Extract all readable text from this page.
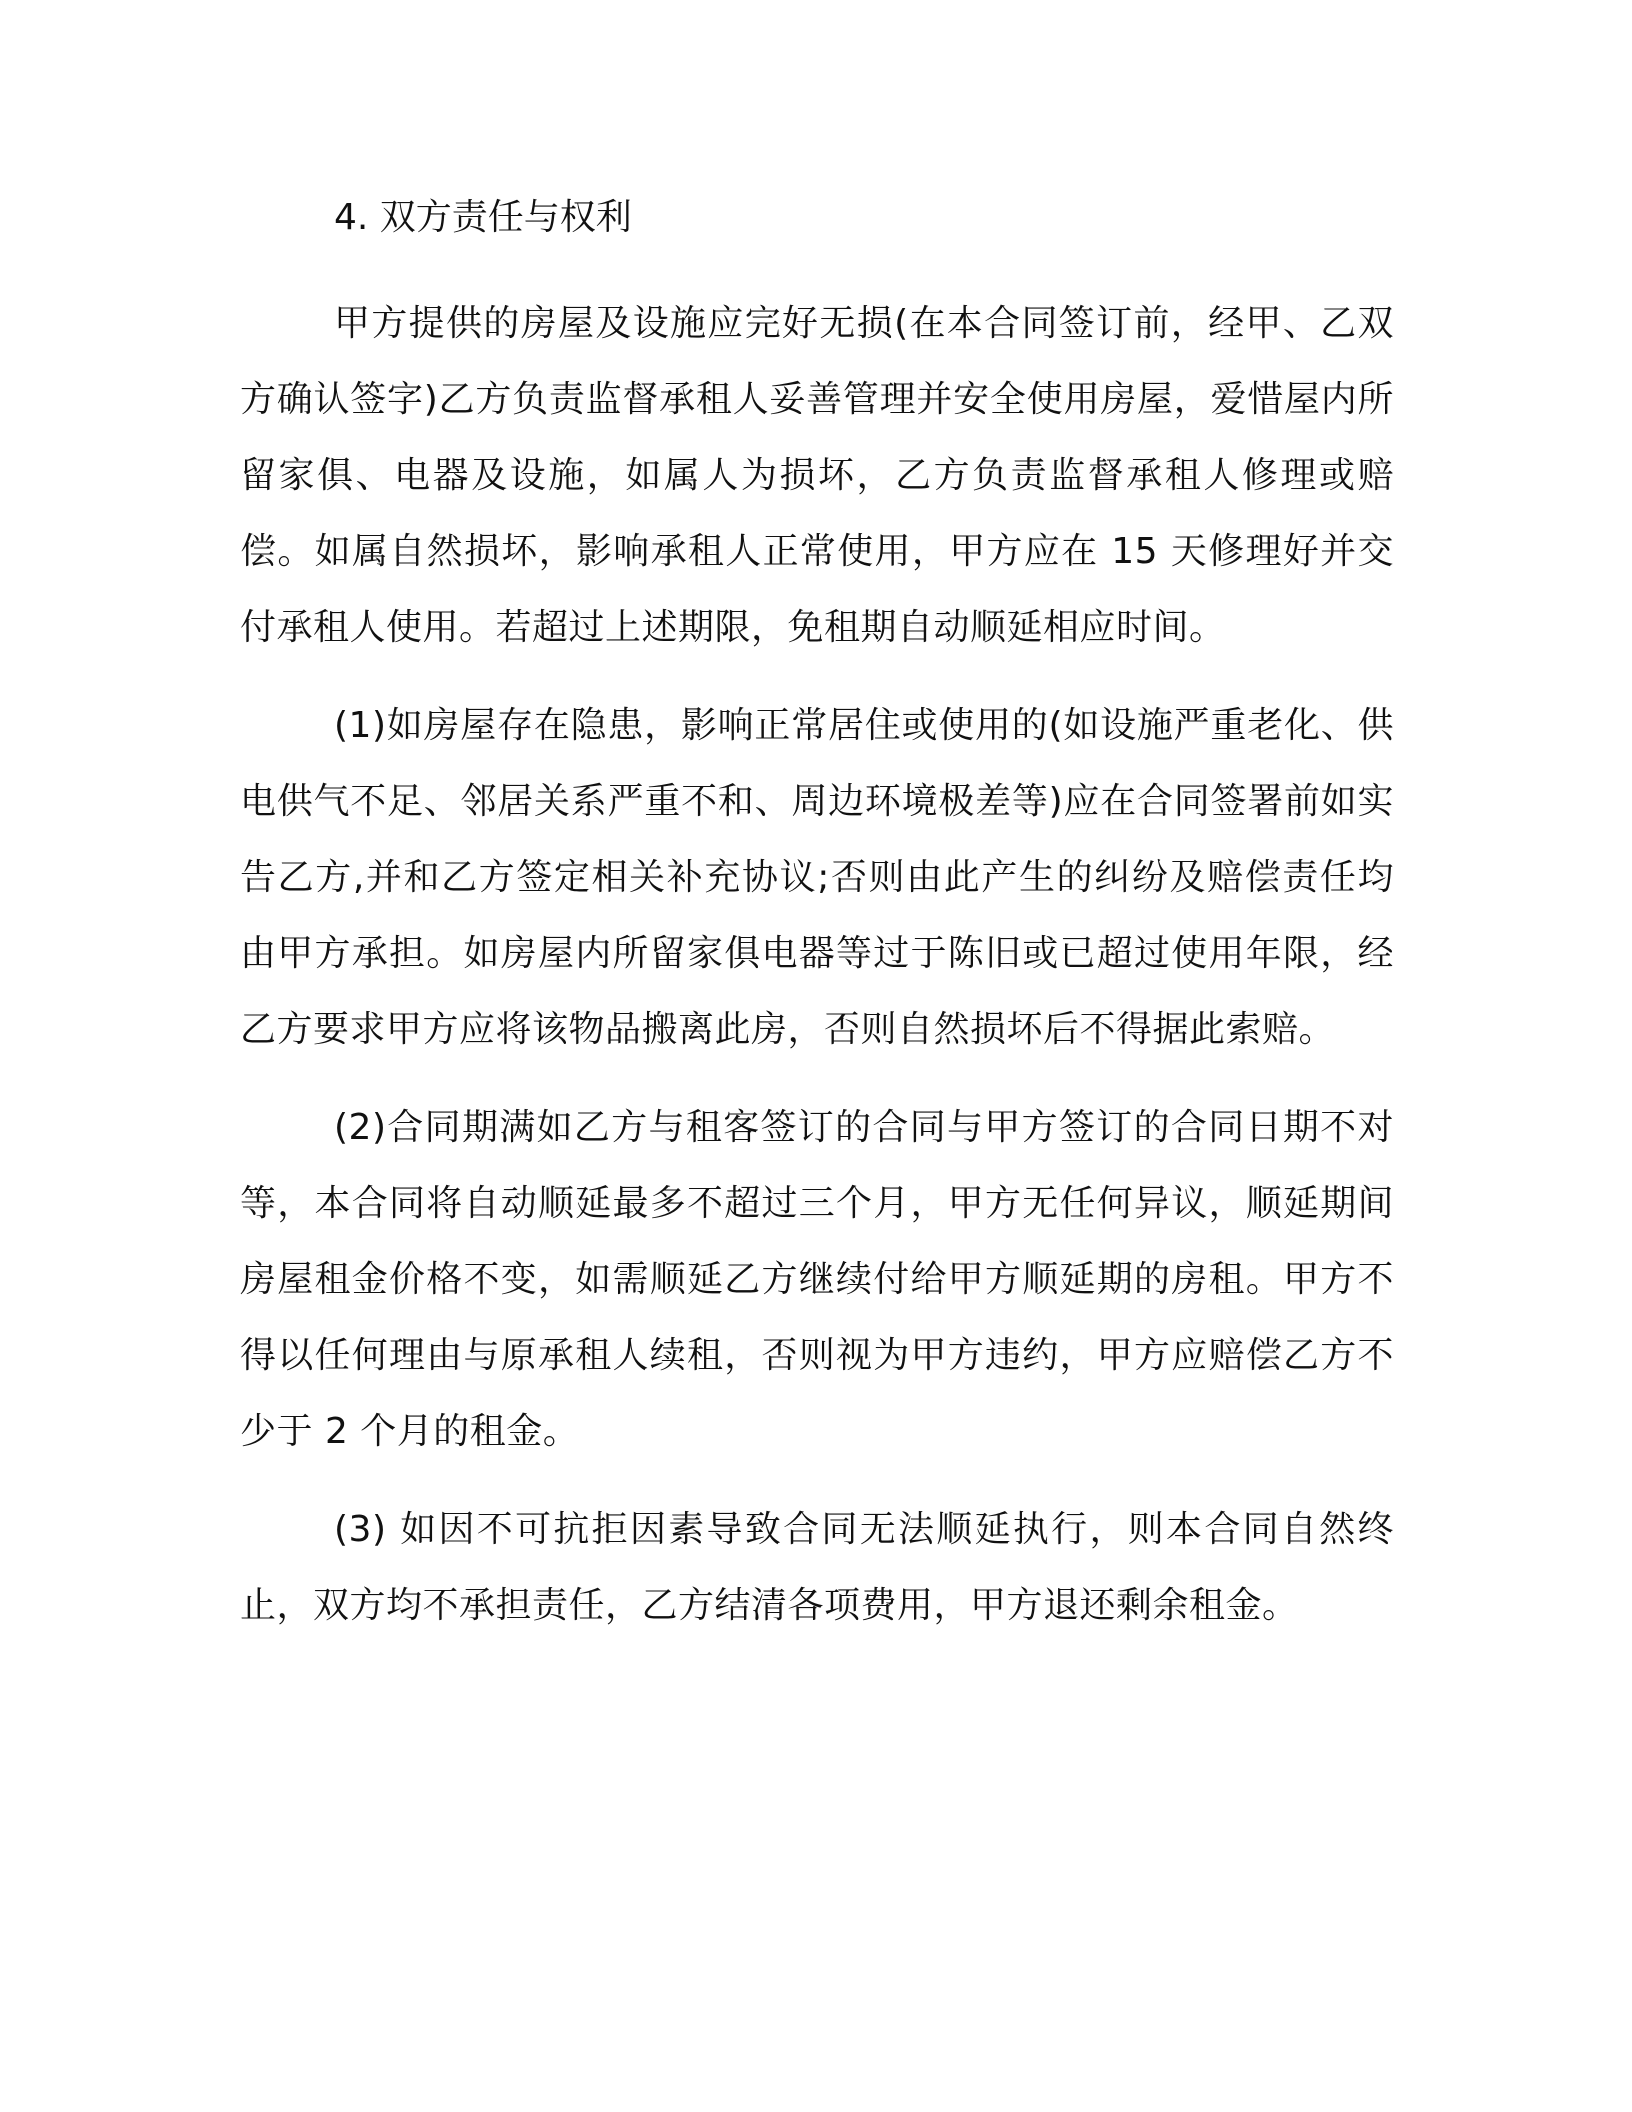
4. 双方责任与权利

甲方提供的房屋及设施应完好无损(在本合同签订前，经甲、乙双方确认签字)乙方负责监督承租人妥善管理并安全使用房屋，爱惜屋内所留家俱、电器及设施，如属人为损坏，乙方负责监督承租人修理或赔偿。如属自然损坏，影响承租人正常使用，甲方应在 15 天修理好并交付承租人使用。若超过上述期限，免租期自动顺延相应时间。

(1)如房屋存在隐患，影响正常居住或使用的(如设施严重老化、供电供气不足、邻居关系严重不和、周边环境极差等)应在合同签署前如实告乙方,并和乙方签定相关补充协议;否则由此产生的纠纷及赔偿责任均由甲方承担。如房屋内所留家俱电器等过于陈旧或已超过使用年限，经乙方要求甲方应将该物品搬离此房，否则自然损坏后不得据此索赔。

(2)合同期满如乙方与租客签订的合同与甲方签订的合同日期不对等，本合同将自动顺延最多不超过三个月，甲方无任何异议，顺延期间房屋租金价格不变，如需顺延乙方继续付给甲方顺延期的房租。甲方不得以任何理由与原承租人续租，否则视为甲方违约，甲方应赔偿乙方不少于 2 个月的租金。

(3) 如因不可抗拒因素导致合同无法顺延执行，则本合同自然终止，双方均不承担责任，乙方结清各项费用，甲方退还剩余租金。
